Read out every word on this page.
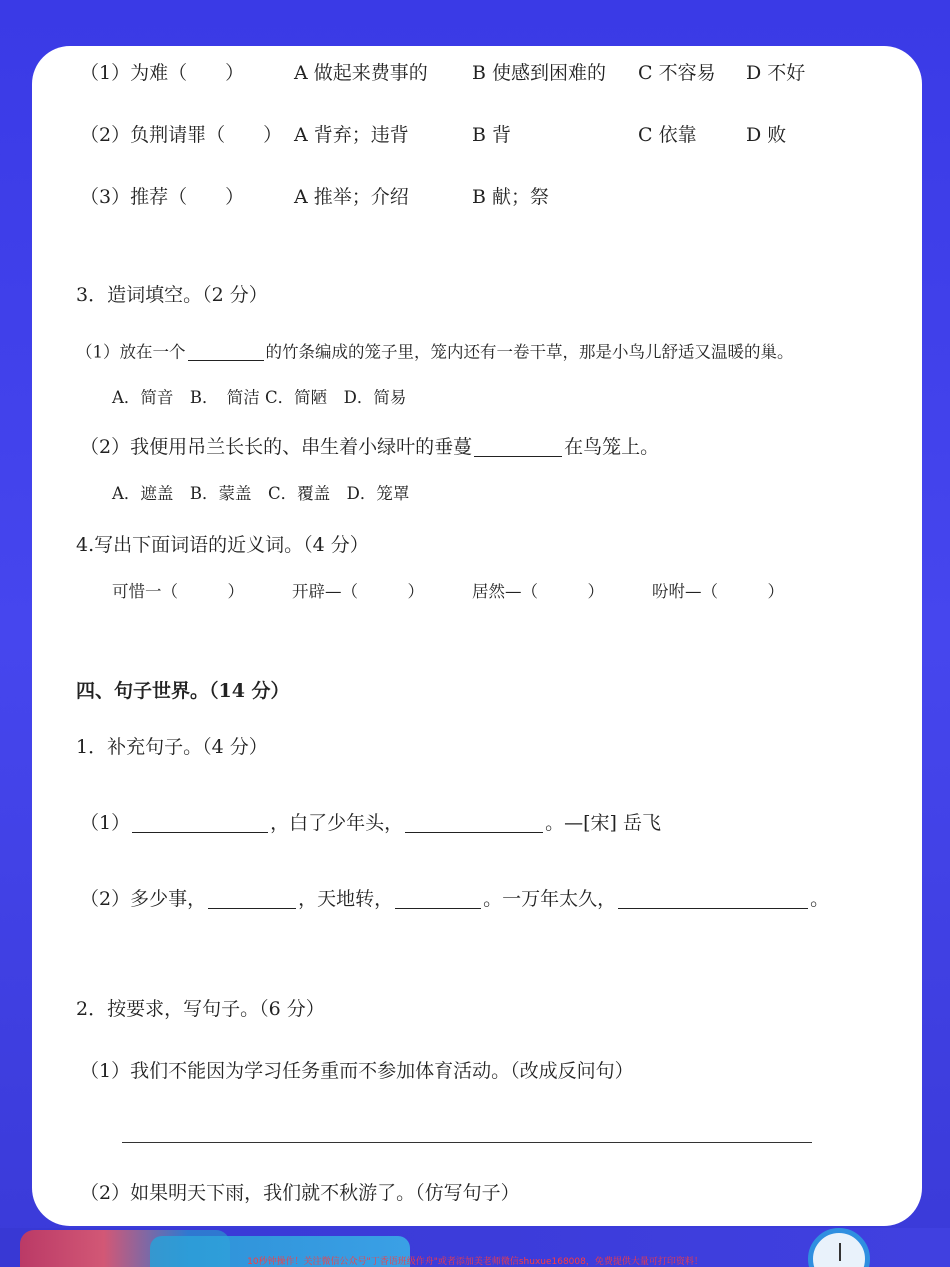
（1）为难（　　）	A 做起来费事的 B 使感到困难的 C 不容易 D 不好
（2）负荆请罪（　　） A 背弃；违背	B 背	C 依靠	D 败
（3）推荐（　　）	A 推举；介绍	B 献；祭
3．造词填空。（2 分）
（1）放在一个	的竹条编成的笼子里，笼内还有一卷干草，那是小鸟儿舒适又温暖的巢。
A．简音　B．　简洁 C．简陋　D．简易
（2）我便用吊兰长长的、串生着小绿叶的垂蔓	在鸟笼上。
A．遮盖　B．蒙盖　C．覆盖　D．笼罩
4.写出下面词语的近义词。（4 分）
可惜一（　　　）	开辟—（　　　）	居然—（　　　）	吩咐—（　　　）
四、句子世界。（14 分）
1．补充句子。（4 分）
（1）	，白了少年头，	。—[宋] 岳飞
（2）多少事，	，天地转，	。一万年太久，	。
2．按要求，写句子。（6 分）
（1）我们不能因为学习任务重而不参加体育活动。（改成反问句）
（2）如果明天下雨，我们就不秋游了。（仿写句子）
10秒钟操作！关注微信公众号"丁香语班级作舟"或者添加美老师微信shuxue168008，免费提供大量可打印资料！
